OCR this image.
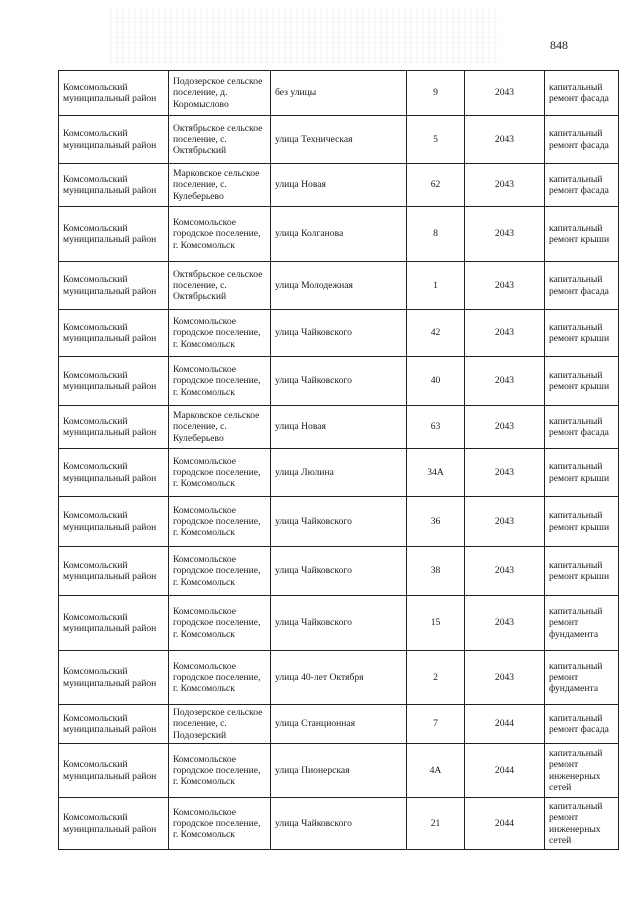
848
Комсомольский муниципальный район	Подозерское сельское поселение, д. Коромыслово	без улицы	9	2043	капитальный ремонт фасада
Комсомольский муниципальный район	Октябрьское сельское поселение, с. Октябрьский	улица Техническая	5	2043	капитальный ремонт фасада
Комсомольский муниципальный район	Марковское сельское поселение, с. Кулеберьево	улица Новая	62	2043	капитальный ремонт фасада
Комсомольский муниципальный район	Комсомольское городское поселение, г. Комсомольск	улица Колганова	8	2043	капитальный ремонт крыши
Комсомольский муниципальный район	Октябрьское сельское поселение, с. Октябрьский	улица Молодежная	1	2043	капитальный ремонт фасада
Комсомольский муниципальный район	Комсомольское городское поселение, г. Комсомольск	улица Чайковского	42	2043	капитальный ремонт крыши
Комсомольский муниципальный район	Комсомольское городское поселение, г. Комсомольск	улица Чайковского	40	2043	капитальный ремонт крыши
Комсомольский муниципальный район	Марковское сельское поселение, с. Кулеберьево	улица Новая	63	2043	капитальный ремонт фасада
Комсомольский муниципальный район	Комсомольское городское поселение, г. Комсомольск	улица Люлина	34А	2043	капитальный ремонт крыши
Комсомольский муниципальный район	Комсомольское городское поселение, г. Комсомольск	улица Чайковского	36	2043	капитальный ремонт крыши
Комсомольский муниципальный район	Комсомольское городское поселение, г. Комсомольск	улица Чайковского	38	2043	капитальный ремонт крыши
Комсомольский муниципальный район	Комсомольское городское поселение, г. Комсомольск	улица Чайковского	15	2043	капитальный ремонт фундамента
Комсомольский муниципальный район	Комсомольское городское поселение, г. Комсомольск	улица 40-лет Октября	2	2043	капитальный ремонт фундамента
Комсомольский муниципальный район	Подозерское сельское поселение, с. Подозерский	улица Станционная	7	2044	капитальный ремонт фасада
Комсомольский муниципальный район	Комсомольское городское поселение, г. Комсомольск	улица Пионерская	4А	2044	капитальный ремонт инженерных сетей
Комсомольский муниципальный район	Комсомольское городское поселение, г. Комсомольск	улица Чайковского	21	2044	капитальный ремонт инженерных сетей
